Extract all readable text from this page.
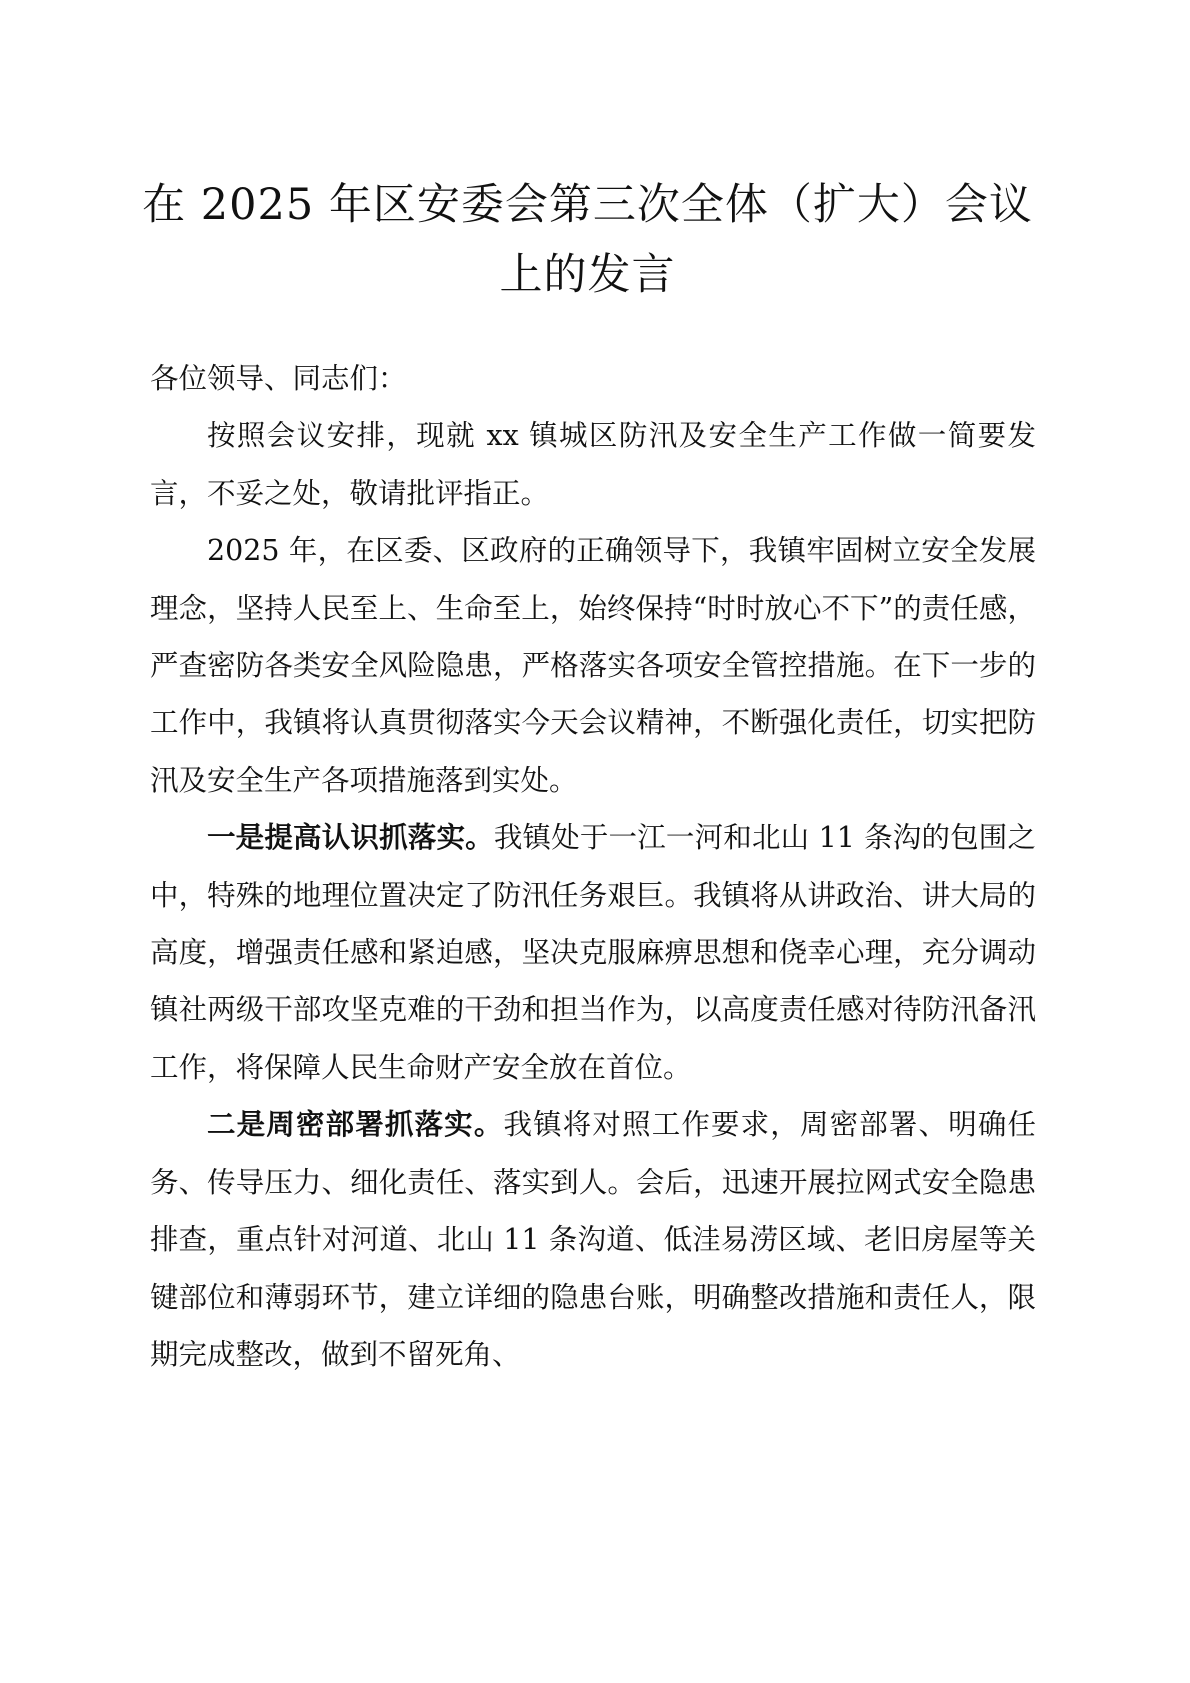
在 2025 年区安委会第三次全体（扩大）会议
上的发言

各位领导、同志们：

按照会议安排，现就 xx 镇城区防汛及安全生产工作做一简要发言，不妥之处，敬请批评指正。

2025 年，在区委、区政府的正确领导下，我镇牢固树立安全发展理念，坚持人民至上、生命至上，始终保持“时时放心不下”的责任感，严查密防各类安全风险隐患，严格落实各项安全管控措施。在下一步的工作中，我镇将认真贯彻落实今天会议精神，不断强化责任，切实把防汛及安全生产各项措施落到实处。

一是提高认识抓落实。我镇处于一江一河和北山 11 条沟的包围之中，特殊的地理位置决定了防汛任务艰巨。我镇将从讲政治、讲大局的高度，增强责任感和紧迫感，坚决克服麻痹思想和侥幸心理，充分调动镇社两级干部攻坚克难的干劲和担当作为，以高度责任感对待防汛备汛工作，将保障人民生命财产安全放在首位。

二是周密部署抓落实。我镇将对照工作要求，周密部署、明确任务、传导压力、细化责任、落实到人。会后，迅速开展拉网式安全隐患排查，重点针对河道、北山 11 条沟道、低洼易涝区域、老旧房屋等关键部位和薄弱环节，建立详细的隐患台账，明确整改措施和责任人，限期完成整改，做到不留死角、
